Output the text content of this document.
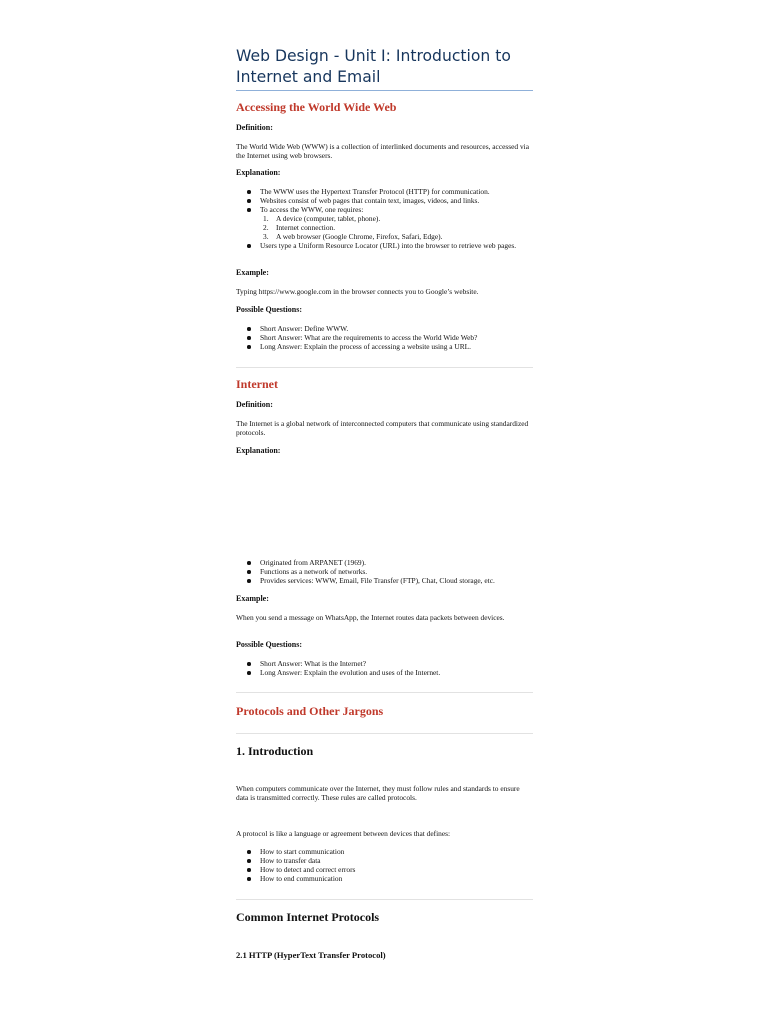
Web Design - Unit I: Introduction to Internet and Email
Accessing the World Wide Web

Definition:

The World Wide Web (WWW) is a collection of interlinked documents and resources, accessed via the Internet using web browsers.

Explanation:

The WWW uses the Hypertext Transfer Protocol (HTTP) for communication.
Websites consist of web pages that contain text, images, videos, and links.
To access the WWW, one requires:
1. A device (computer, tablet, phone).
2. Internet connection.
3. A web browser (Google Chrome, Firefox, Safari, Edge).
Users type a Uniform Resource Locator (URL) into the browser to retrieve web pages.

Example:

Typing https://www.google.com in the browser connects you to Google’s website.

Possible Questions:

Short Answer: Define WWW.
Short Answer: What are the requirements to access the World Wide Web?
Long Answer: Explain the process of accessing a website using a URL.
Internet

Definition:

The Internet is a global network of interconnected computers that communicate using standardized protocols.

Explanation:

Originated from ARPANET (1969).
Functions as a network of networks.
Provides services: WWW, Email, File Transfer (FTP), Chat, Cloud storage, etc.

Example:

When you send a message on WhatsApp, the Internet routes data packets between devices.

Possible Questions:

Short Answer: What is the Internet?
Long Answer: Explain the evolution and uses of the Internet.
Protocols and Other Jargons
1. Introduction

When computers communicate over the Internet, they must follow rules and standards to ensure data is transmitted correctly. These rules are called protocols.

A protocol is like a language or agreement between devices that defines:

How to start communication
How to transfer data
How to detect and correct errors
How to end communication
Common Internet Protocols

2.1 HTTP (HyperText Transfer Protocol)
